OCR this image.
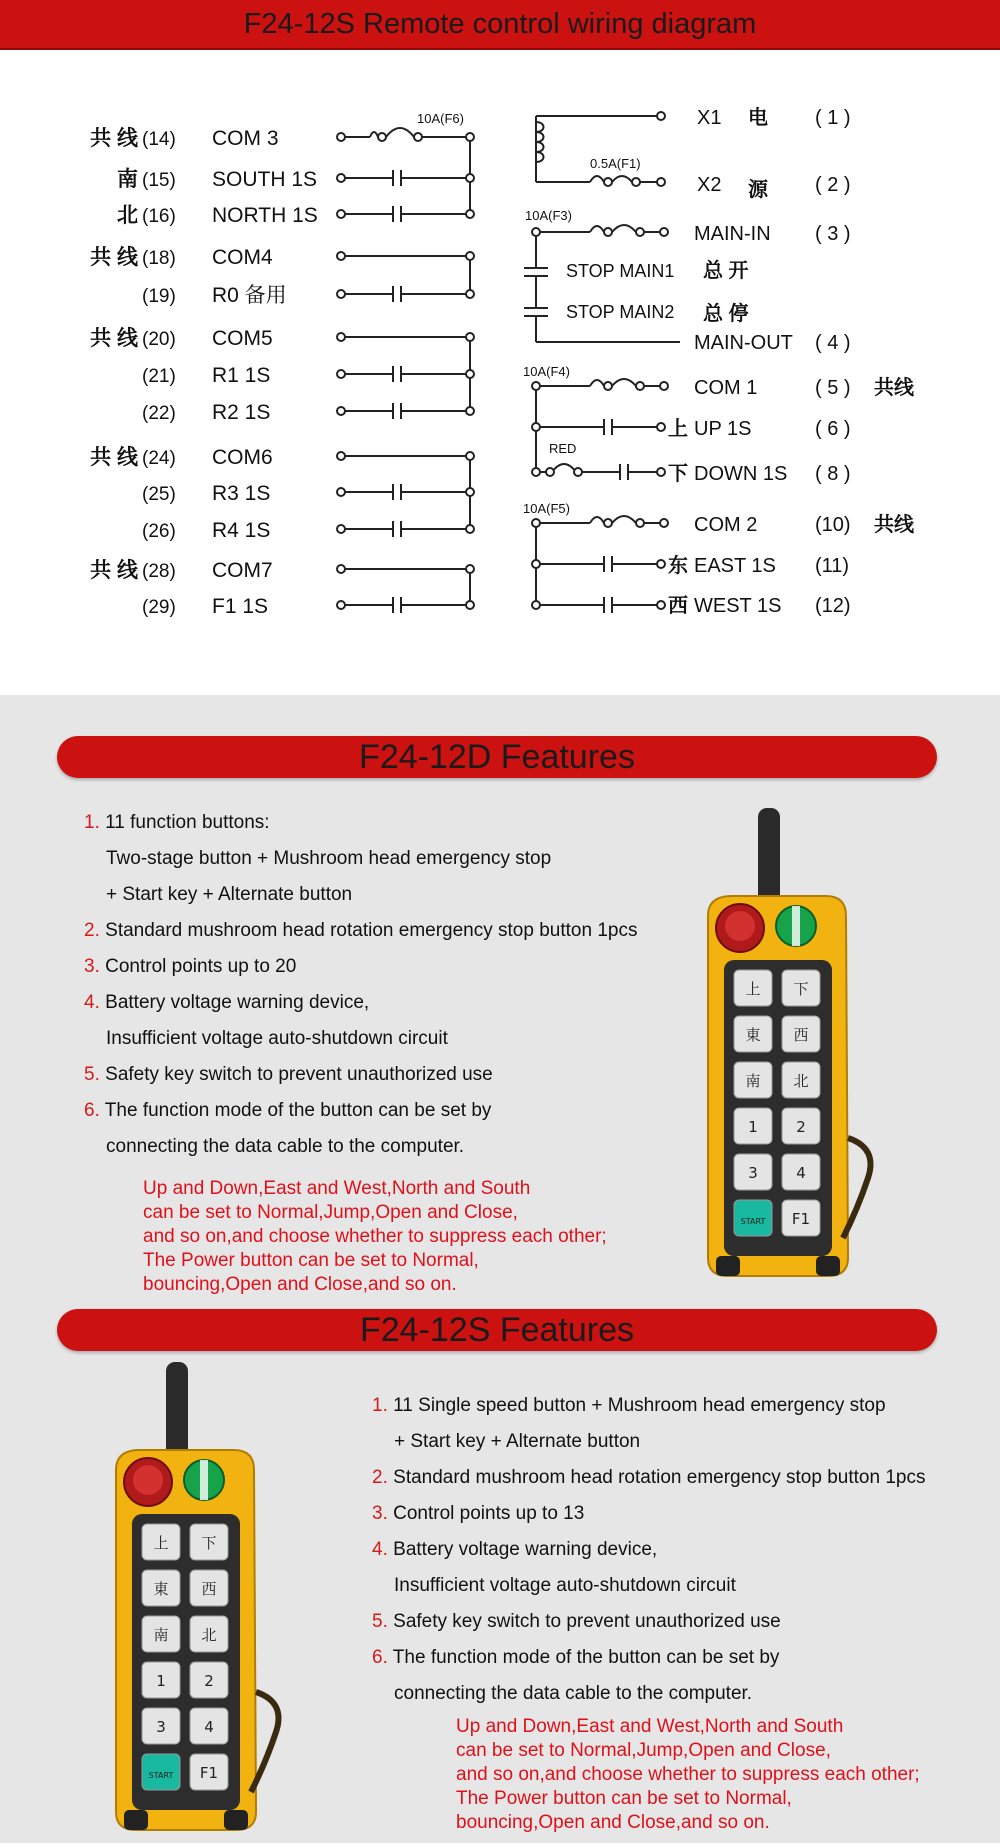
F24-12S Remote control wiring diagram
共 线 (14) COM 3
南 (15) SOUTH 1S
北 (16) NORTH 1S
共 线 (18) COM4
(19) R0 备用
共 线 (20) COM5
(21) R1 1S
(22) R2 1S
共 线 (24) COM6
(25) R3 1S
(26) R4 1S
共 线 (28) COM7
(29) F1 1S
10A(F6)
0.5A(F1)
10A(F3)
10A(F4)
RED
10A(F5)
X1 电 ( 1 )
X2 源 ( 2 )
MAIN-IN ( 3 )
STOP MAIN1 总 开
STOP MAIN2 总 停
MAIN-OUT ( 4 )
COM 1	( 5 ) 共线
上 UP 1S	( 6 )
下 DOWN 1S ( 8 )
COM 2	(10) 共线
东 EAST 1S (11)
西 WEST 1S (12)
F24-12D Features
1. 11 function buttons:
Two-stage button + Mushroom head emergency stop
+ Start key + Alternate button
2. Standard mushroom head rotation emergency stop button 1pcs
3. Control points up to 20
4. Battery voltage warning device,
Insufficient voltage auto-shutdown circuit
5. Safety key switch to prevent unauthorized use
6. The function mode of the button can be set by
connecting the data cable to the computer.
Up and Down,East and West,North and South
can be set to Normal,Jump,Open and Close,
and so on,and choose whether to suppress each other;
The Power button can be set to Normal,
bouncing,Open and Close,and so on.
上 下
東 西
南 北
1	2
3	4
START F1
F24-12S Features
1. 11 Single speed button + Mushroom head emergency stop
+ Start key + Alternate button
2. Standard mushroom head rotation emergency stop button 1pcs
3. Control points up to 13
4. Battery voltage warning device,
Insufficient voltage auto-shutdown circuit
5. Safety key switch to prevent unauthorized use
6. The function mode of the button can be set by
connecting the data cable to the computer.
Up and Down,East and West,North and South
can be set to Normal,Jump,Open and Close,
and so on,and choose whether to suppress each other;
The Power button can be set to Normal,
bouncing,Open and Close,and so on.
上 下
東 西
南 北
1	2
3	4
START F1
